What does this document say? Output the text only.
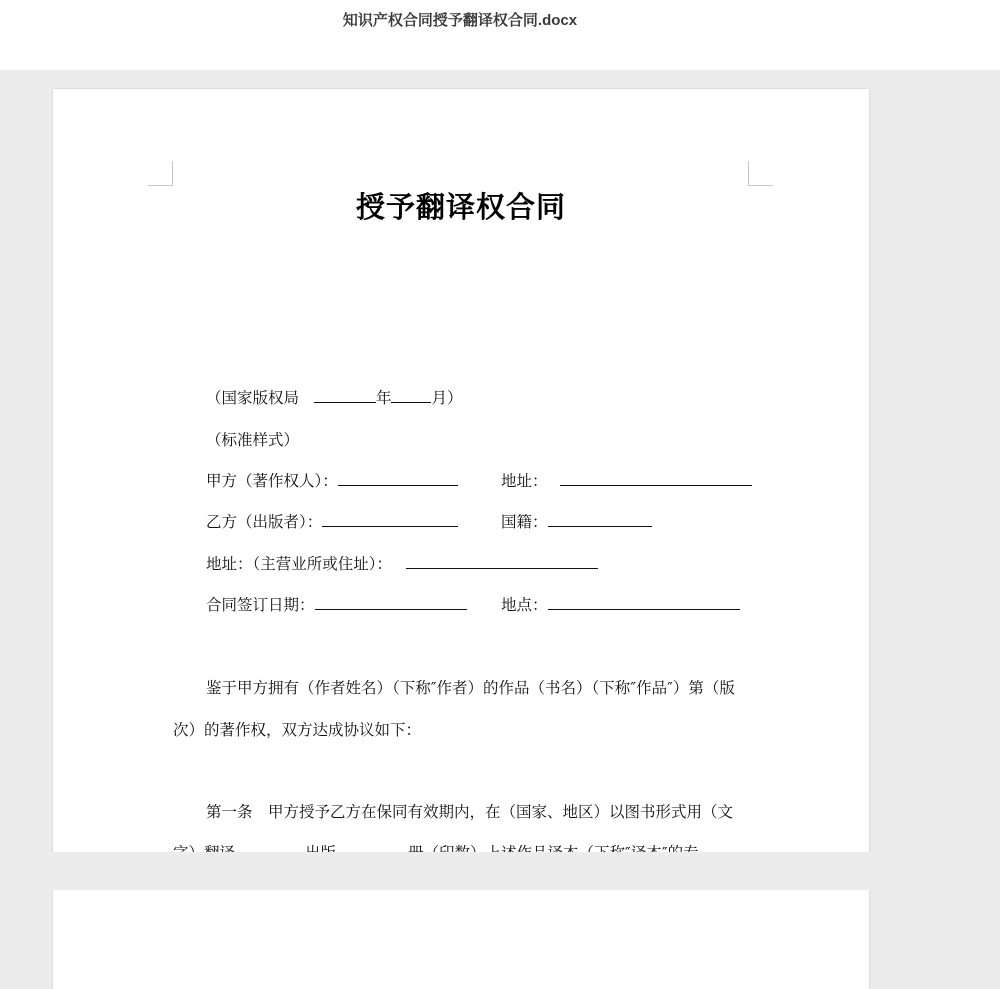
知识产权合同授予翻译权合同.docx
授予翻译权合同
（国家版权局	年	月）
（标准样式）
甲方（著作权人）：	地址：
乙方（出版者）：	国籍：
地址：（主营业所或住址）：
合同签订日期：	地点：
鉴于甲方拥有（作者姓名）（下称″作者）的作品（书名）（下称″作品″）第（版
次）的著作权，双方达成协议如下：
第一条　甲方授予乙方在保同有效期内，在（国家、地区）以图书形式用（文
